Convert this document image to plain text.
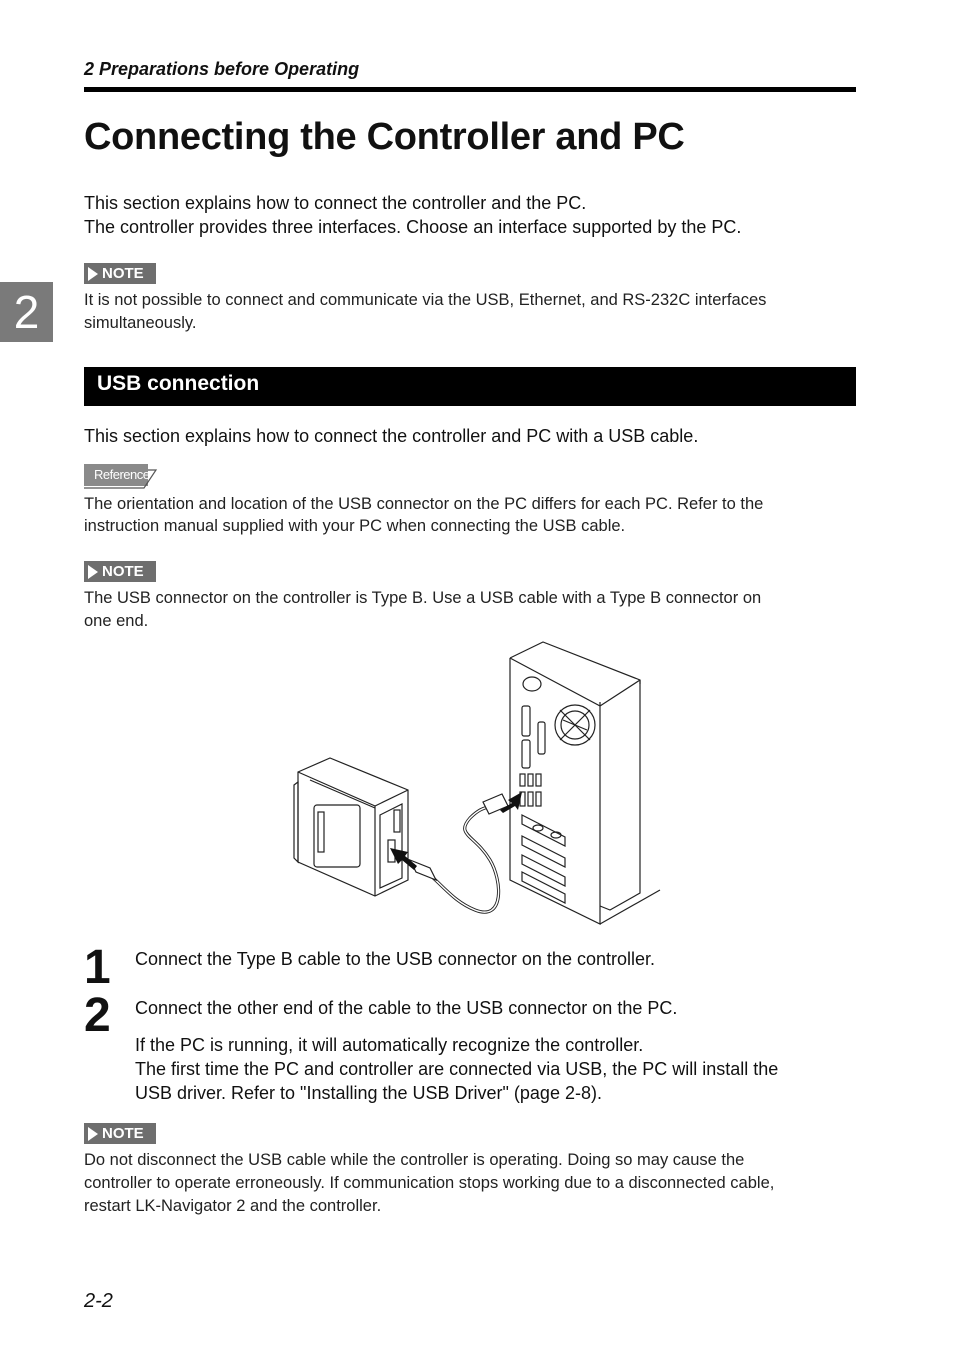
2 Preparations before Operating
2
Connecting the Controller and PC
This section explains how to connect the controller and the PC.
The controller provides three interfaces. Choose an interface supported by the PC.
NOTE
It is not possible to connect and communicate via the USB, Ethernet, and RS-232C interfaces
simultaneously.
USB connection
This section explains how to connect the controller and PC with a USB cable.
Reference
The orientation and location of the USB connector on the PC differs for each PC. Refer to the
instruction manual supplied with your PC when connecting the USB cable.
NOTE
The USB connector on the controller is Type B. Use a USB cable with a Type B connector on
one end.
1 Connect the Type B cable to the USB connector on the controller.
2 Connect the other end of the cable to the USB connector on the PC.
If the PC is running, it will automatically recognize the controller.
The first time the PC and controller are connected via USB, the PC will install the
USB driver. Refer to "Installing the USB Driver" (page 2-8).
NOTE
Do not disconnect the USB cable while the controller is operating. Doing so may cause the
controller to operate erroneously. If communication stops working due to a disconnected cable,
restart LK-Navigator 2 and the controller.
2-2
